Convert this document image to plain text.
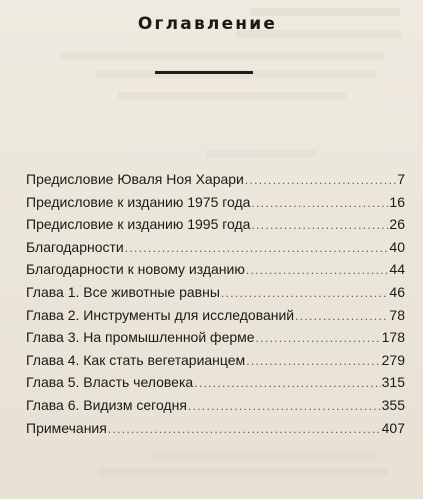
Оглавление
Предисловие Юваля Ноя Харари .....	7
Предисловие к изданию 1975 года .....	16
Предисловие к изданию 1995 года .....	26
Благодарности .....	40
Благодарности к новому изданию .....	44
Глава 1. Все животные равны .....	46
Глава 2. Инструменты для исследований .....	78
Глава 3. На промышленной ферме .....	178
Глава 4. Как стать вегетарианцем .....	279
Глава 5. Власть человека .....	315
Глава 6. Видизм сегодня .....	355
Примечания .....	407
